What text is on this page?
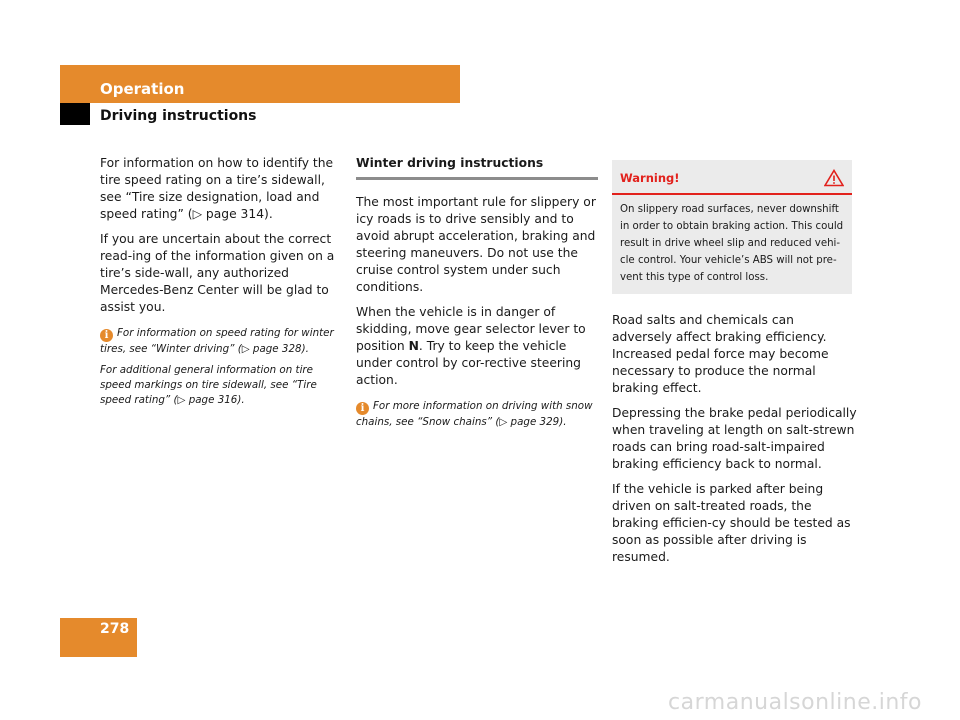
Operation
Driving instructions

For information on how to identify the tire speed rating on a tire’s sidewall, see “Tire size designation, load and speed rating” (▷ page 314).

If you are uncertain about the correct read-ing of the information given on a tire’s side-wall, any authorized Mercedes-Benz Center will be glad to assist you.

i For information on speed rating for winter tires, see “Winter driving” (▷ page 328).

For additional general information on tire speed markings on tire sidewall, see “Tire speed rating” (▷ page 316).

Winter driving instructions

The most important rule for slippery or icy roads is to drive sensibly and to avoid abrupt acceleration, braking and steering maneuvers. Do not use the cruise control system under such conditions.

When the vehicle is in danger of skidding, move gear selector lever to position N. Try to keep the vehicle under control by cor-rective steering action.

i For more information on driving with snow chains, see “Snow chains” (▷ page 329).

Warning!
On slippery road surfaces, never downshift in order to obtain braking action. This could result in drive wheel slip and reduced vehi-cle control. Your vehicle’s ABS will not pre-vent this type of control loss.

Road salts and chemicals can adversely affect braking efficiency. Increased pedal force may become necessary to produce the normal braking effect.

Depressing the brake pedal periodically when traveling at length on salt-strewn roads can bring road-salt-impaired braking efficiency back to normal.

If the vehicle is parked after being driven on salt-treated roads, the braking efficien-cy should be tested as soon as possible after driving is resumed.

278
carmanualsonline.info
